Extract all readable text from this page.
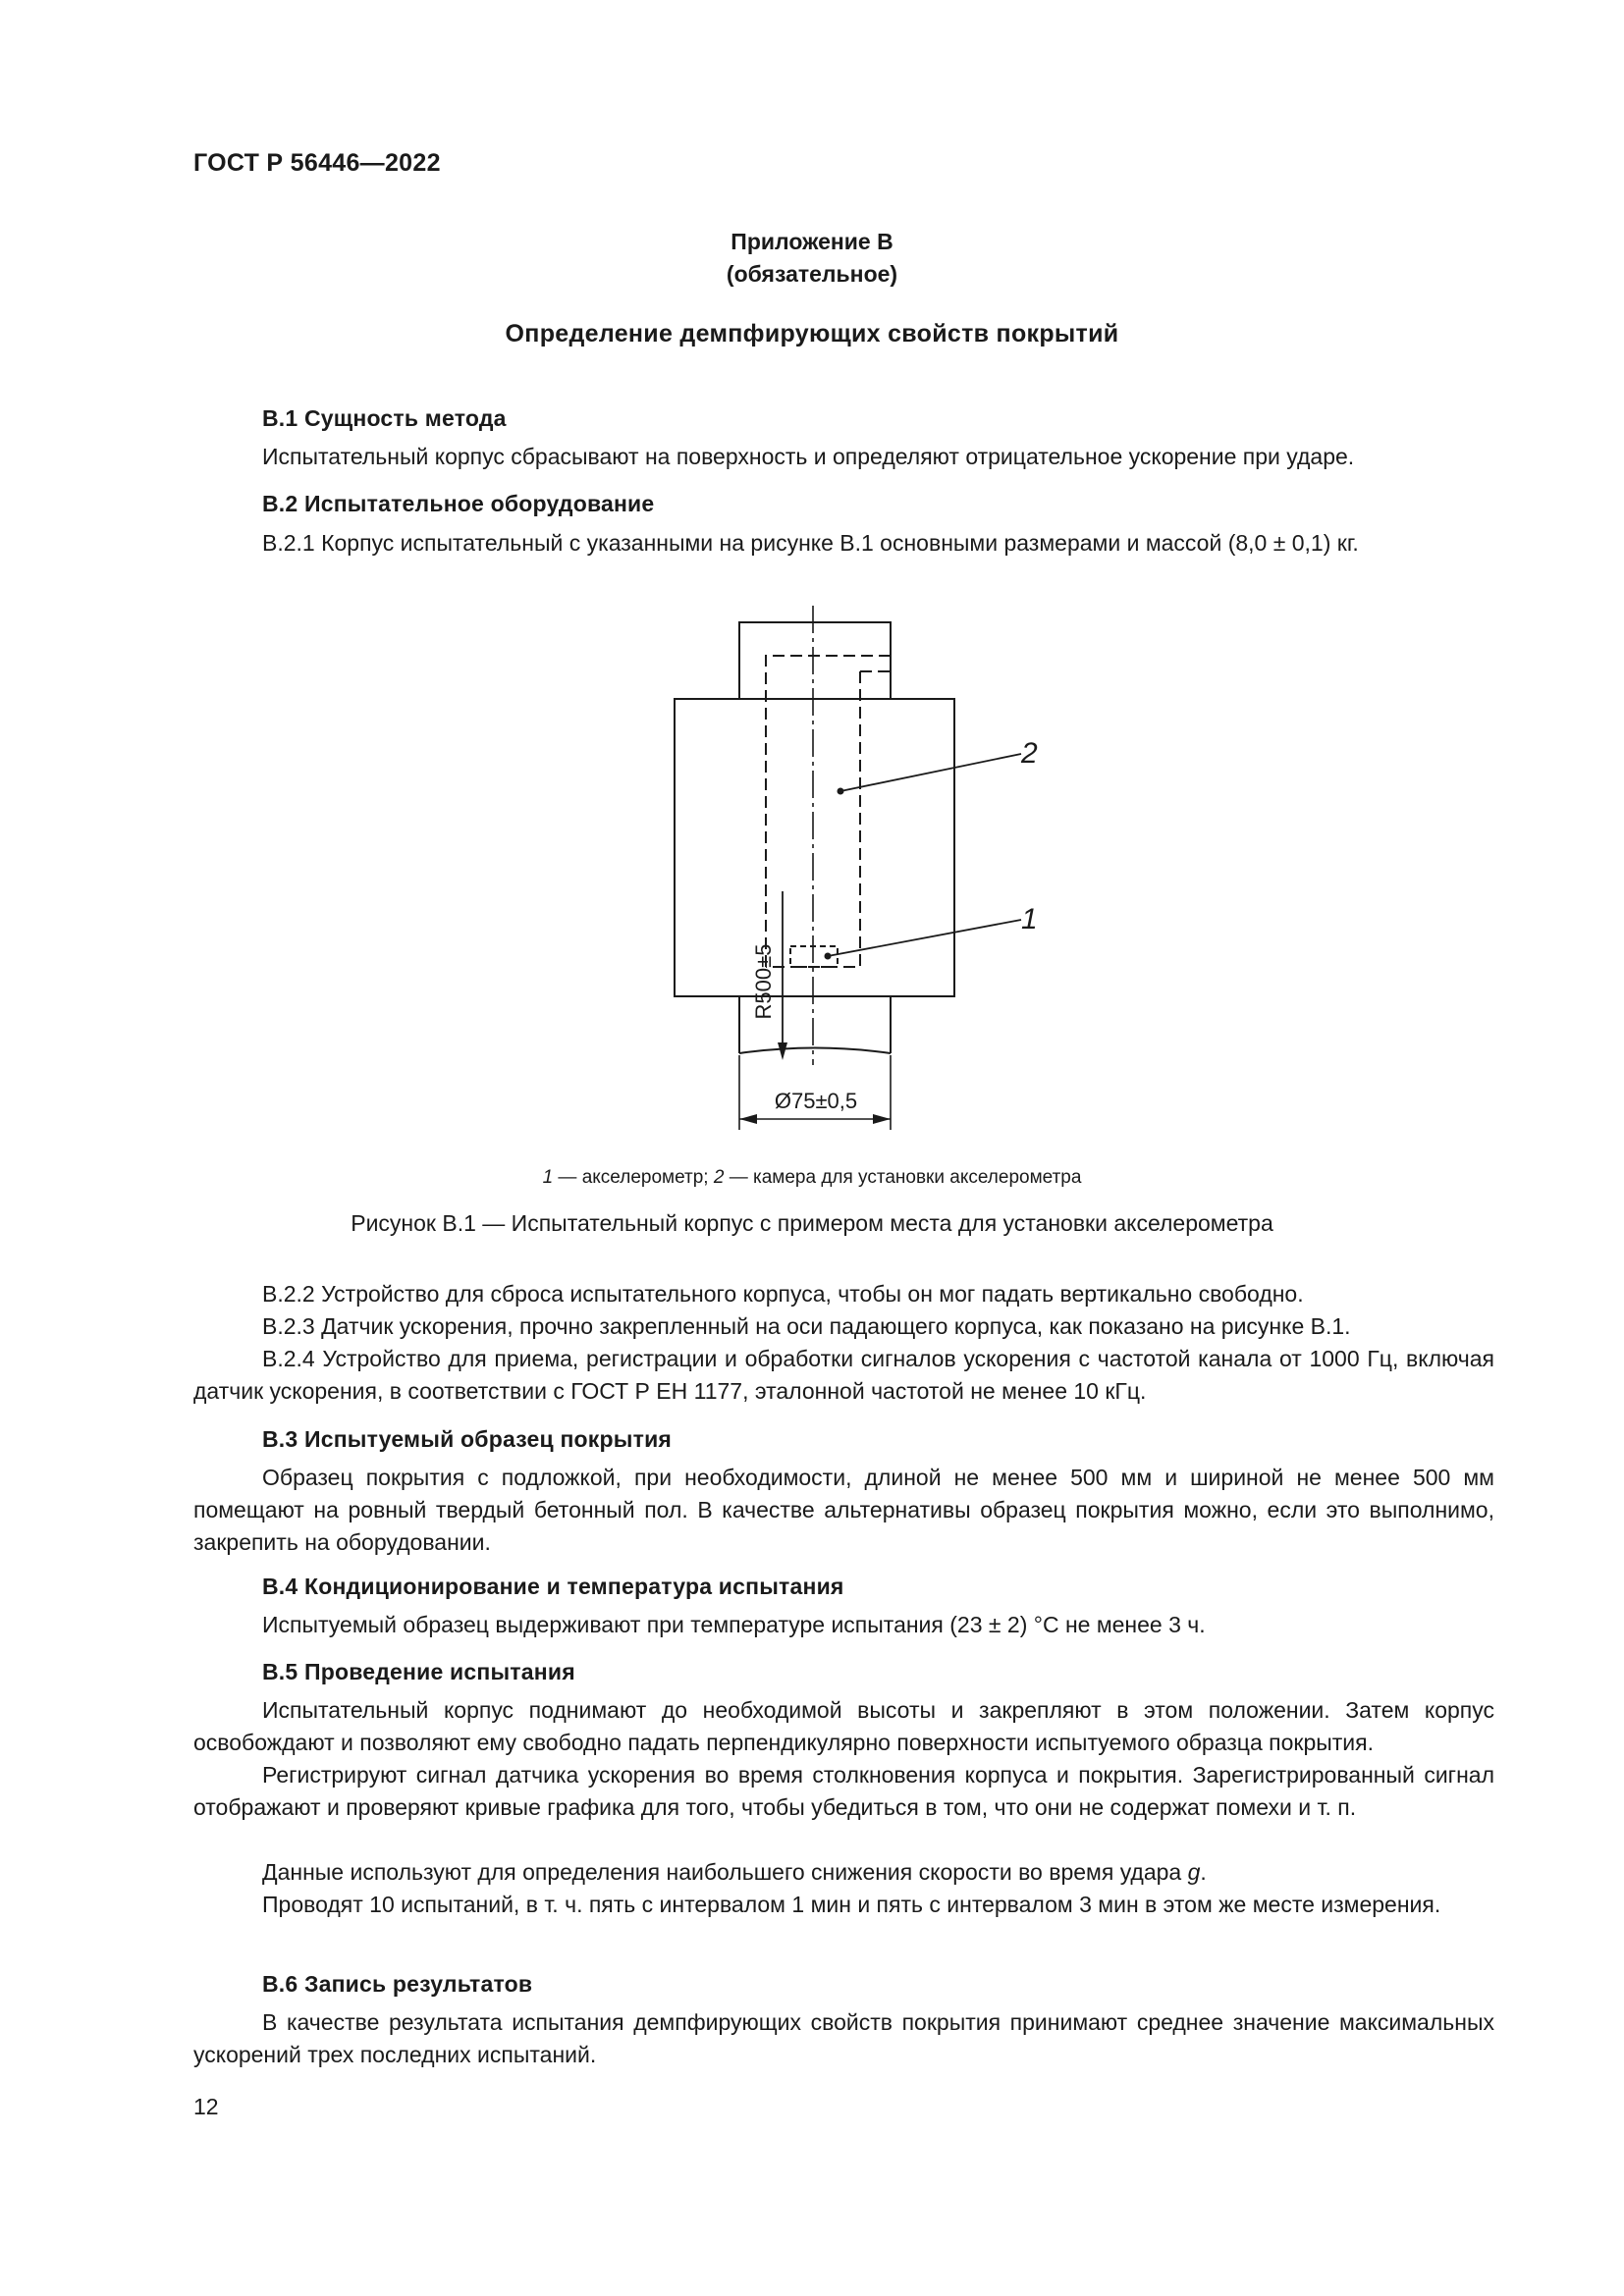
ГОСТ Р 56446—2022
Приложение В
(обязательное)
Определение демпфирующих свойств покрытий
В.1 Сущность метода
Испытательный корпус сбрасывают на поверхность и определяют отрицательное ускорение при ударе.
В.2 Испытательное оборудование
В.2.1 Корпус испытательный с указанными на рисунке В.1 основными размерами и массой (8,0 ± 0,1) кг.
2
1
R500±5
Ø75±0,5
1 — акселерометр; 2 — камера для установки акселерометра
Рисунок В.1 — Испытательный корпус с примером места для установки акселерометра
В.2.2 Устройство для сброса испытательного корпуса, чтобы он мог падать вертикально свободно.
В.2.3 Датчик ускорения, прочно закрепленный на оси падающего корпуса, как показано на рисунке В.1.
В.2.4 Устройство для приема, регистрации и обработки сигналов ускорения с частотой канала от 1000 Гц, включая датчик ускорения, в соответствии с ГОСТ Р ЕН 1177, эталонной частотой не менее 10 кГц.
В.3 Испытуемый образец покрытия
Образец покрытия с подложкой, при необходимости, длиной не менее 500 мм и шириной не менее 500 мм помещают на ровный твердый бетонный пол. В качестве альтернативы образец покрытия можно, если это выполнимо, закрепить на оборудовании.
В.4 Кондиционирование и температура испытания
Испытуемый образец выдерживают при температуре испытания (23 ± 2) °С не менее 3 ч.
В.5 Проведение испытания
Испытательный корпус поднимают до необходимой высоты и закрепляют в этом положении. Затем корпус освобождают и позволяют ему свободно падать перпендикулярно поверхности испытуемого образца покрытия.
Регистрируют сигнал датчика ускорения во время столкновения корпуса и покрытия. Зарегистрированный сигнал отображают и проверяют кривые графика для того, чтобы убедиться в том, что они не содержат помехи и т. п.
Данные используют для определения наибольшего снижения скорости во время удара g.
Проводят 10 испытаний, в т. ч. пять с интервалом 1 мин и пять с интервалом 3 мин в этом же месте измерения.
В.6 Запись результатов
В качестве результата испытания демпфирующих свойств покрытия принимают среднее значение максимальных ускорений трех последних испытаний.
12
